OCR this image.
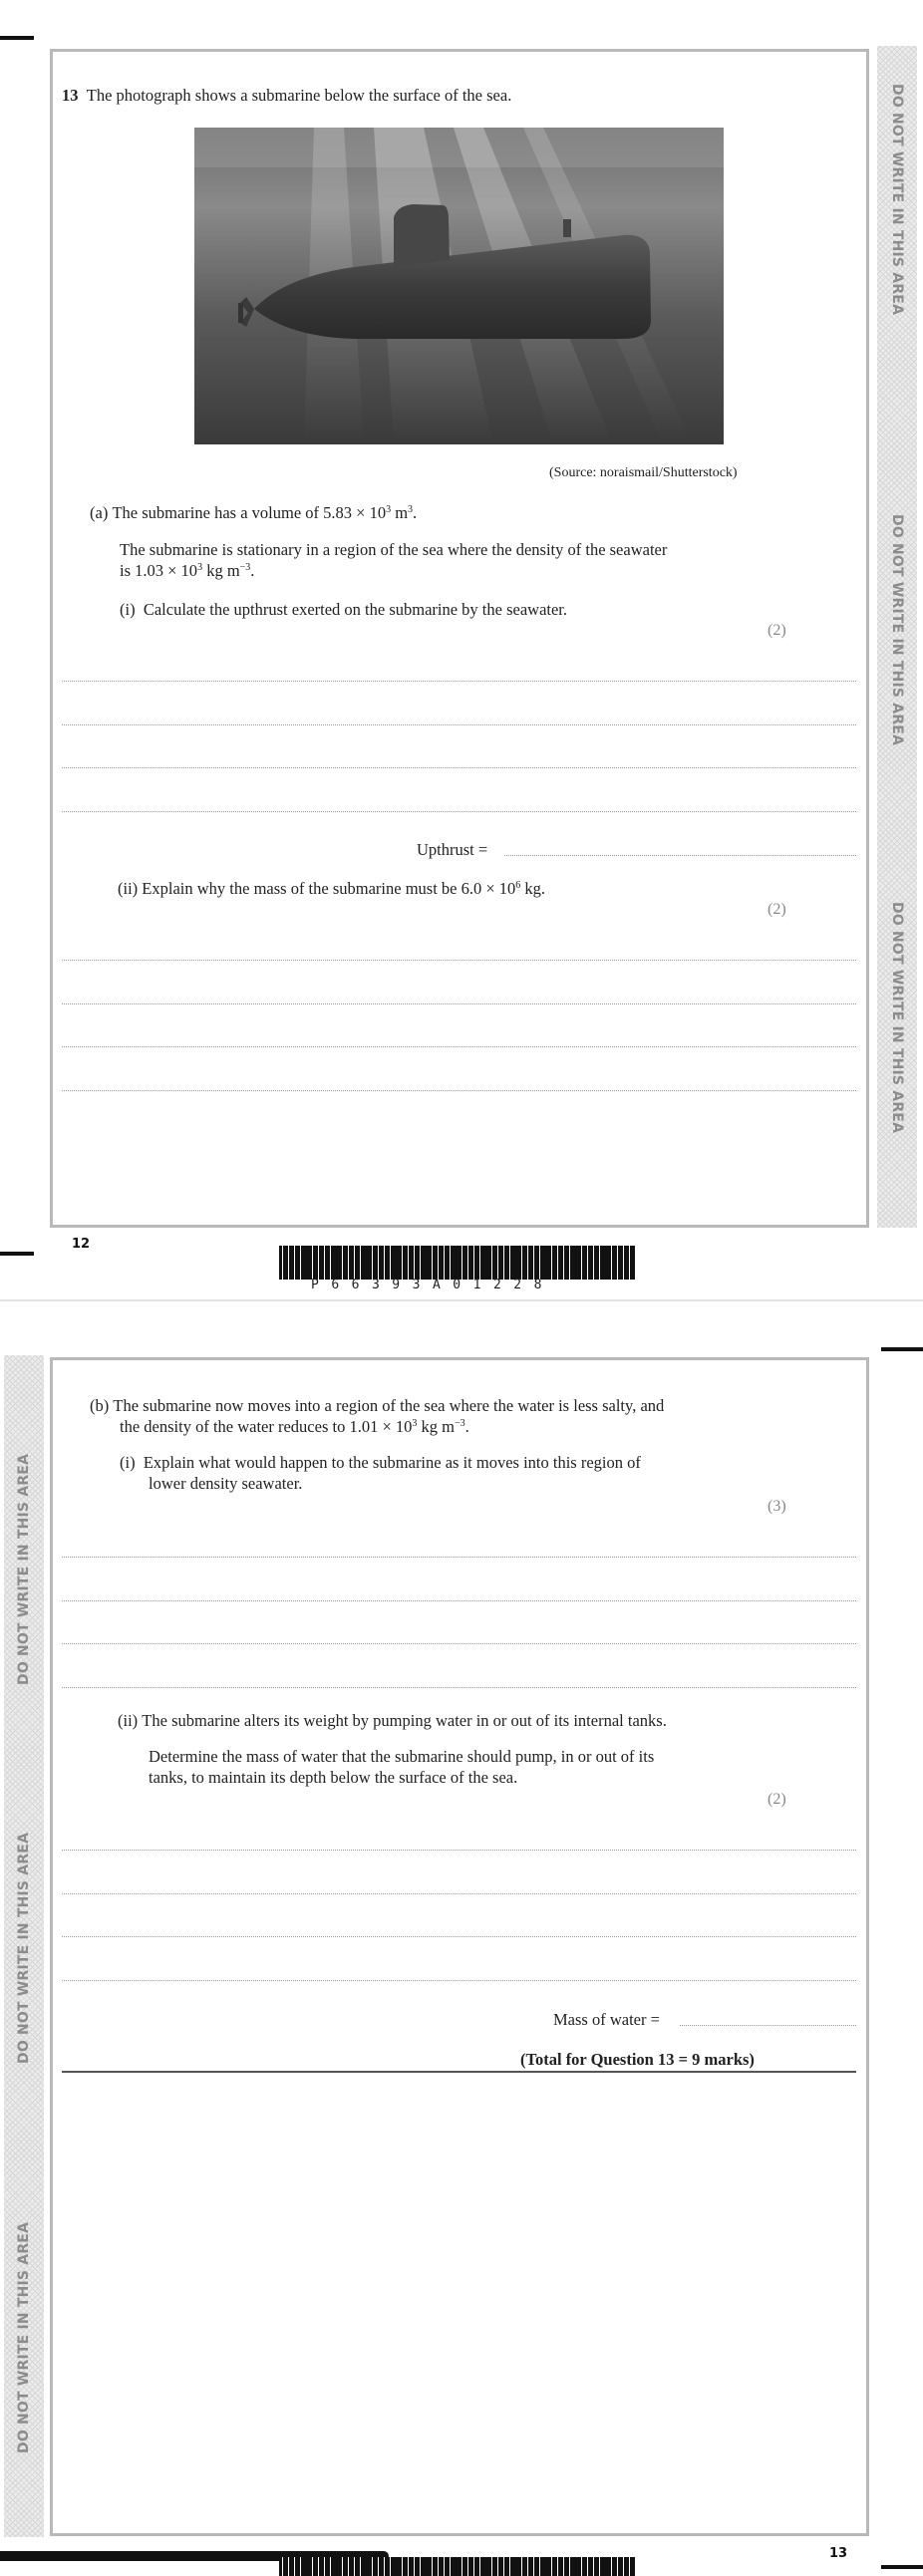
DO NOT WRITE IN THIS AREA
DO NOT WRITE IN THIS AREA
DO NOT WRITE IN THIS AREA
13 The photograph shows a submarine below the surface of the sea.
(Source: noraismail/Shutterstock)
(a) The submarine has a volume of $5.83 \times 10^3$ $m^3$.
The submarine is stationary in a region of the sea where the density of the seawater
is $1.03 \times 10^3$ kg $m^{-3}$.
(i) Calculate the upthrust exerted on the submarine by the seawater.
(2)
Upthrust =
(ii) Explain why the mass of the submarine must be $6.0 \times 10^6$ kg.
(2)
12
P66393A01228
DO NOT WRITE IN THIS AREA
DO NOT WRITE IN THIS AREA
DO NOT WRITE IN THIS AREA
(b) The submarine now moves into a region of the sea where the water is less salty, and
the density of the water reduces to $1.01 \times 10^3$ kg $m^{-3}$.
(i) Explain what would happen to the submarine as it moves into this region of
lower density seawater.
(3)
(ii) The submarine alters its weight by pumping water in or out of its internal tanks.
Determine the mass of water that the submarine should pump, in or out of its
tanks, to maintain its depth below the surface of the sea.
(2)
Mass of water =
(Total for Question 13 = 9 marks)
13
